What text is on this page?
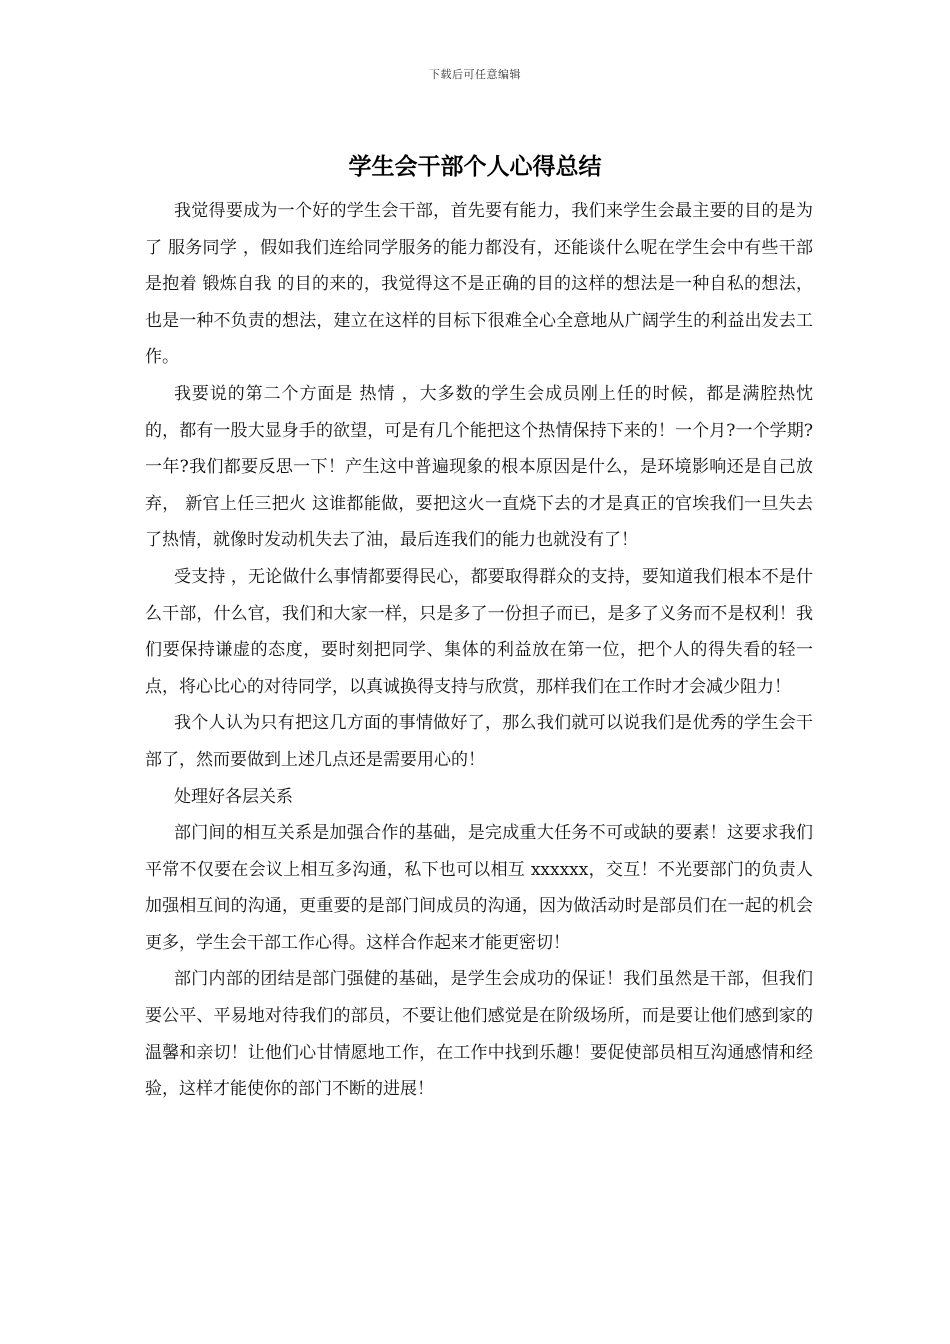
下载后可任意编辑
学生会干部个人心得总结

我觉得要成为一个好的学生会干部，首先要有能力，我们来学生会最主要的目的是为了 服务同学 ，假如我们连给同学服务的能力都没有，还能谈什么呢在学生会中有些干部是抱着 锻炼自我 的目的来的，我觉得这不是正确的目的这样的想法是一种自私的想法，也是一种不负责的想法，建立在这样的目标下很难全心全意地从广阔学生的利益出发去工作。

我要说的第二个方面是 热情 ，大多数的学生会成员刚上任的时候，都是满腔热忱的，都有一股大显身手的欲望，可是有几个能把这个热情保持下来的！一个月?一个学期?一年?我们都要反思一下！产生这中普遍现象的根本原因是什么，是环境影响还是自己放弃， 新官上任三把火 这谁都能做，要把这火一直烧下去的才是真正的官埃我们一旦失去了热情，就像时发动机失去了油，最后连我们的能力也就没有了！

受支持 ，无论做什么事情都要得民心，都要取得群众的支持，要知道我们根本不是什么干部，什么官，我们和大家一样，只是多了一份担子而已，是多了义务而不是权利！我们要保持谦虚的态度，要时刻把同学、集体的利益放在第一位，把个人的得失看的轻一点，将心比心的对待同学，以真诚换得支持与欣赏，那样我们在工作时才会减少阻力！

我个人认为只有把这几方面的事情做好了，那么我们就可以说我们是优秀的学生会干部了，然而要做到上述几点还是需要用心的！

处理好各层关系

部门间的相互关系是加强合作的基础，是完成重大任务不可或缺的要素！这要求我们平常不仅要在会议上相互多沟通，私下也可以相互 xxxxxx，交互！不光要部门的负责人加强相互间的沟通，更重要的是部门间成员的沟通，因为做活动时是部员们在一起的机会更多，学生会干部工作心得。这样合作起来才能更密切！

部门内部的团结是部门强健的基础，是学生会成功的保证！我们虽然是干部，但我们要公平、平易地对待我们的部员，不要让他们感觉是在阶级场所，而是要让他们感到家的温馨和亲切！让他们心甘情愿地工作，在工作中找到乐趣！要促使部员相互沟通感情和经验，这样才能使你的部门不断的进展！
